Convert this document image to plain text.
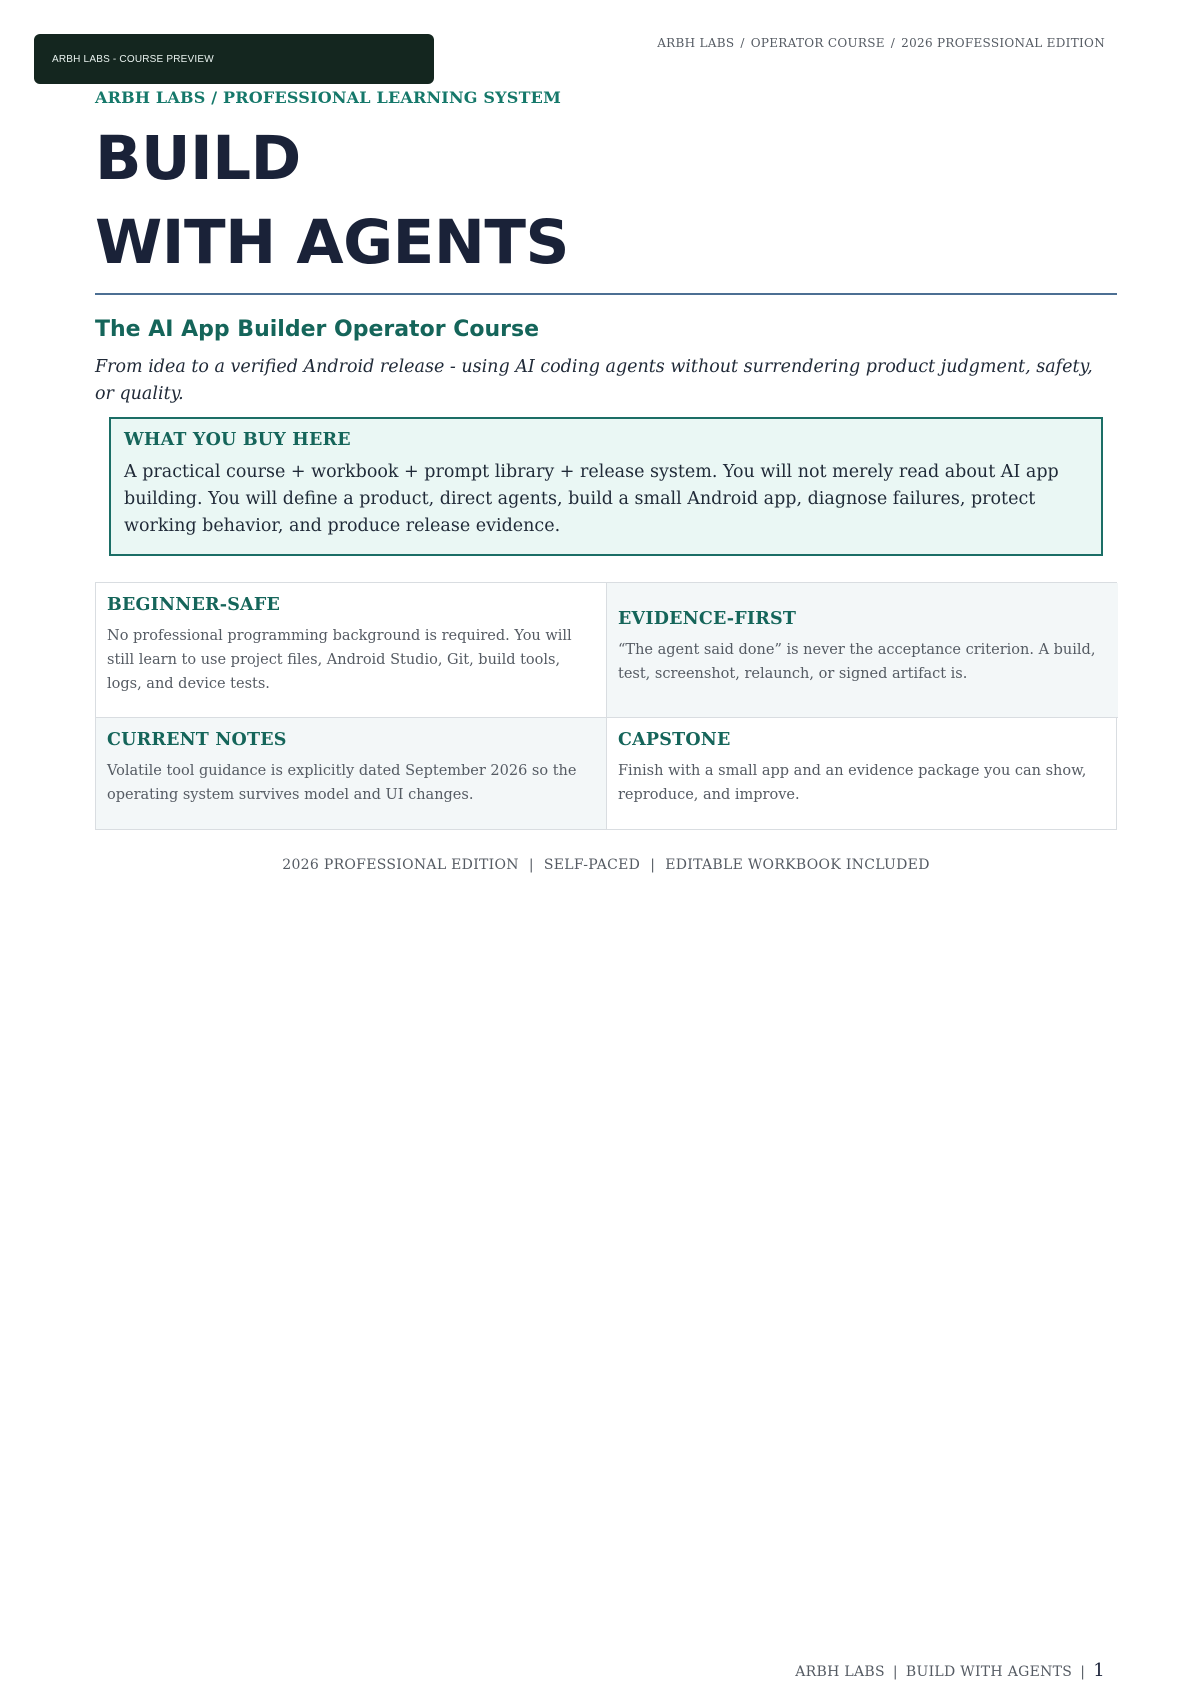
ARBH LABS - COURSE PREVIEW
ARBH LABS / OPERATOR COURSE / 2026 PROFESSIONAL EDITION

ARBH LABS / PROFESSIONAL LEARNING SYSTEM

BUILD
WITH AGENTS
The AI App Builder Operator Course

From idea to a verified Android release - using AI coding agents without surrendering product judgment, safety, or quality.

WHAT YOU BUY HERE

A practical course + workbook + prompt library + release system. You will not merely read about AI app building. You will define a product, direct agents, build a small Android app, diagnose failures, protect working behavior, and produce release evidence.

BEGINNER-SAFE

No professional programming background is required. You will still learn to use project files, Android Studio, Git, build tools, logs, and device tests.

EVIDENCE-FIRST

“The agent said done” is never the acceptance criterion. A build, test, screenshot, relaunch, or signed artifact is.

CURRENT NOTES

Volatile tool guidance is explicitly dated September 2026 so the operating system survives model and UI changes.

CAPSTONE

Finish with a small app and an evidence package you can show, reproduce, and improve.

2026 PROFESSIONAL EDITION | SELF-PACED | EDITABLE WORKBOOK INCLUDED
ARBH LABS | BUILD WITH AGENTS | 1
